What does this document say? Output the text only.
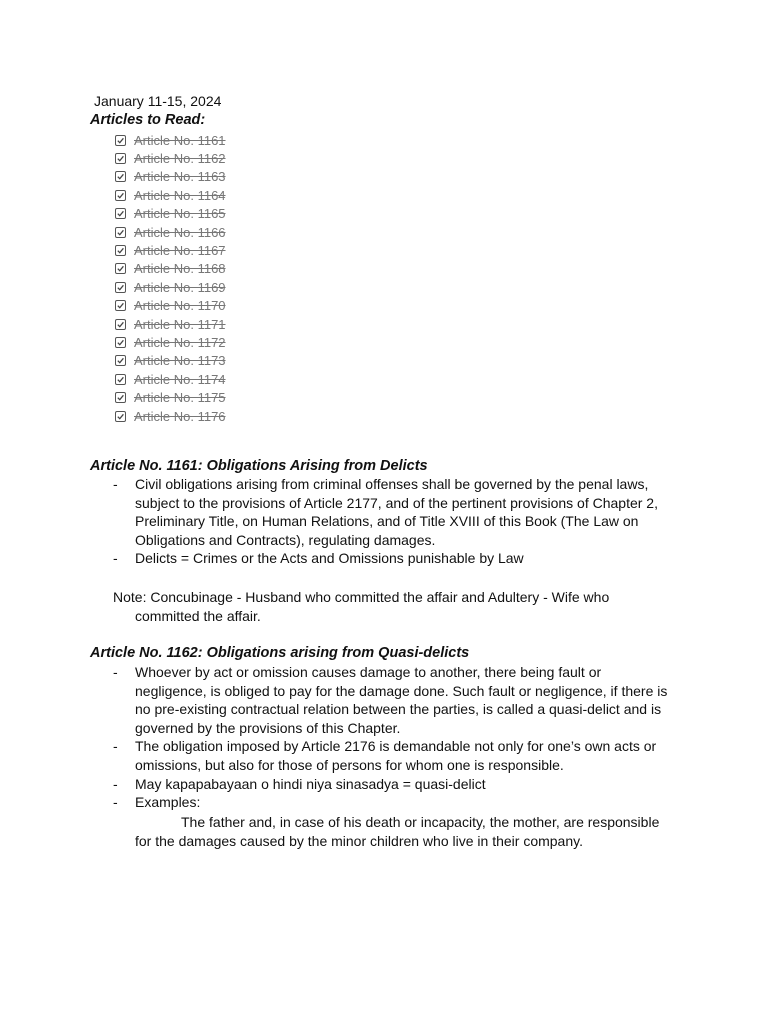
January 11-15, 2024
Articles to Read:
Article No. 1161
Article No. 1162
Article No. 1163
Article No. 1164
Article No. 1165
Article No. 1166
Article No. 1167
Article No. 1168
Article No. 1169
Article No. 1170
Article No. 1171
Article No. 1172
Article No. 1173
Article No. 1174
Article No. 1175
Article No. 1176
Article No. 1161: Obligations Arising from Delicts
-	Civil obligations arising from criminal offenses shall be governed by the penal laws, subject to the provisions of Article 2177, and of the pertinent provisions of Chapter 2, Preliminary Title, on Human Relations, and of Title XVIII of this Book (The Law on Obligations and Contracts), regulating damages.
-	Delicts = Crimes or the Acts and Omissions punishable by Law
Note: Concubinage - Husband who committed the affair and Adultery - Wife who committed the affair.
Article No. 1162: Obligations arising from Quasi-delicts
-	Whoever by act or omission causes damage to another, there being fault or negligence, is obliged to pay for the damage done. Such fault or negligence, if there is no pre-existing contractual relation between the parties, is called a quasi-delict and is governed by the provisions of this Chapter.
-	The obligation imposed by Article 2176 is demandable not only for one’s own acts or omissions, but also for those of persons for whom one is responsible.
-	May kapapabayaan o hindi niya sinasadya = quasi-delict
-	Examples:
The father and, in case of his death or incapacity, the mother, are responsible for the damages caused by the minor children who live in their company.
